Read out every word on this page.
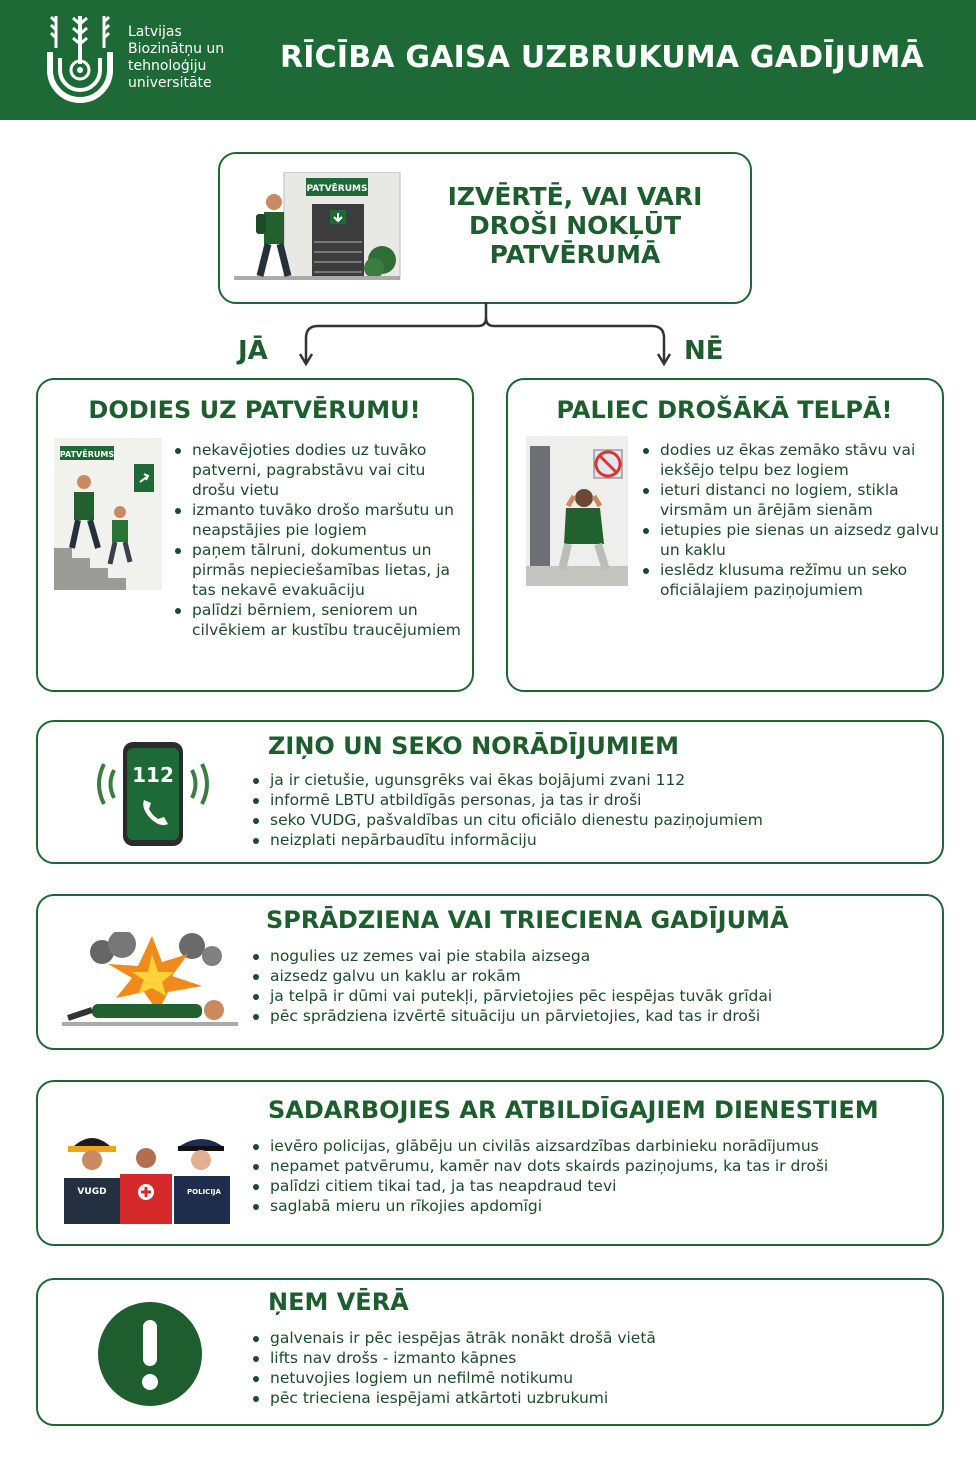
Latvijas
Biozinātņu un
tehnoloģiju
universitāte
RĪCĪBA GAISA UZBRUKUMA GADĪJUMĀ
PATVĒRUMS	IZVĒRTĒ, VAI VARI
DROŠI NOKĻŪT
PATVĒRUMĀ
JĀ	NĒ
DODIES UZ PATVĒRUMU!
PATVĒRUMS	nekavējoties dodies uz tuvāko patverni, pagrabstāvu vai citu drošu vietu
izmanto tuvāko drošo maršutu un neapstājies pie logiem
paņem tālruni, dokumentus un pirmās nepieciešamības lietas, ja tas nekavē evakuāciju
palīdzi bērniem, seniorem un cilvēkiem ar kustību traucējumiem
PALIEC DROŠĀKĀ TELPĀ!
dodies uz ēkas zemāko stāvu vai iekšējo telpu bez logiem
ieturi distanci no logiem, stikla virsmām un ārējām sienām
ietupies pie sienas un aizsedz galvu un kaklu
ieslēdz klusuma režīmu un seko oficiālajiem paziņojumiem
112
ZIŅO UN SEKO NORĀDĪJUMIEM
ja ir cietušie, ugunsgrēks vai ēkas bojājumi zvani 112
informē LBTU atbildīgās personas, ja tas ir droši
seko VUDG, pašvaldības un citu oficiālo dienestu paziņojumiem
neizplati nepārbaudītu informāciju
SPRĀDZIENA VAI TRIECIENA GADĪJUMĀ
nogulies uz zemes vai pie stabila aizsega
aizsedz galvu un kaklu ar rokām
ja telpā ir dūmi vai putekļi, pārvietojies pēc iespējas tuvāk grīdai
pēc sprādziena izvērtē situāciju un pārvietojies, kad tas ir droši
VUGD	POLICIJA
SADARBOJIES AR ATBILDĪGAJIEM DIENESTIEM
ievēro policijas, glābēju un civilās aizsardzības darbinieku norādījumus
nepamet patvērumu, kamēr nav dots skairds paziņojums, ka tas ir droši
palīdzi citiem tikai tad, ja tas neapdraud tevi
saglabā mieru un rīkojies apdomīgi
ŅEM VĒRĀ
galvenais ir pēc iespējas ātrāk nonākt drošā vietā
lifts nav drošs - izmanto kāpnes
netuvojies logiem un nefilmē notikumu
pēc trieciena iespējami atkārtoti uzbrukumi
